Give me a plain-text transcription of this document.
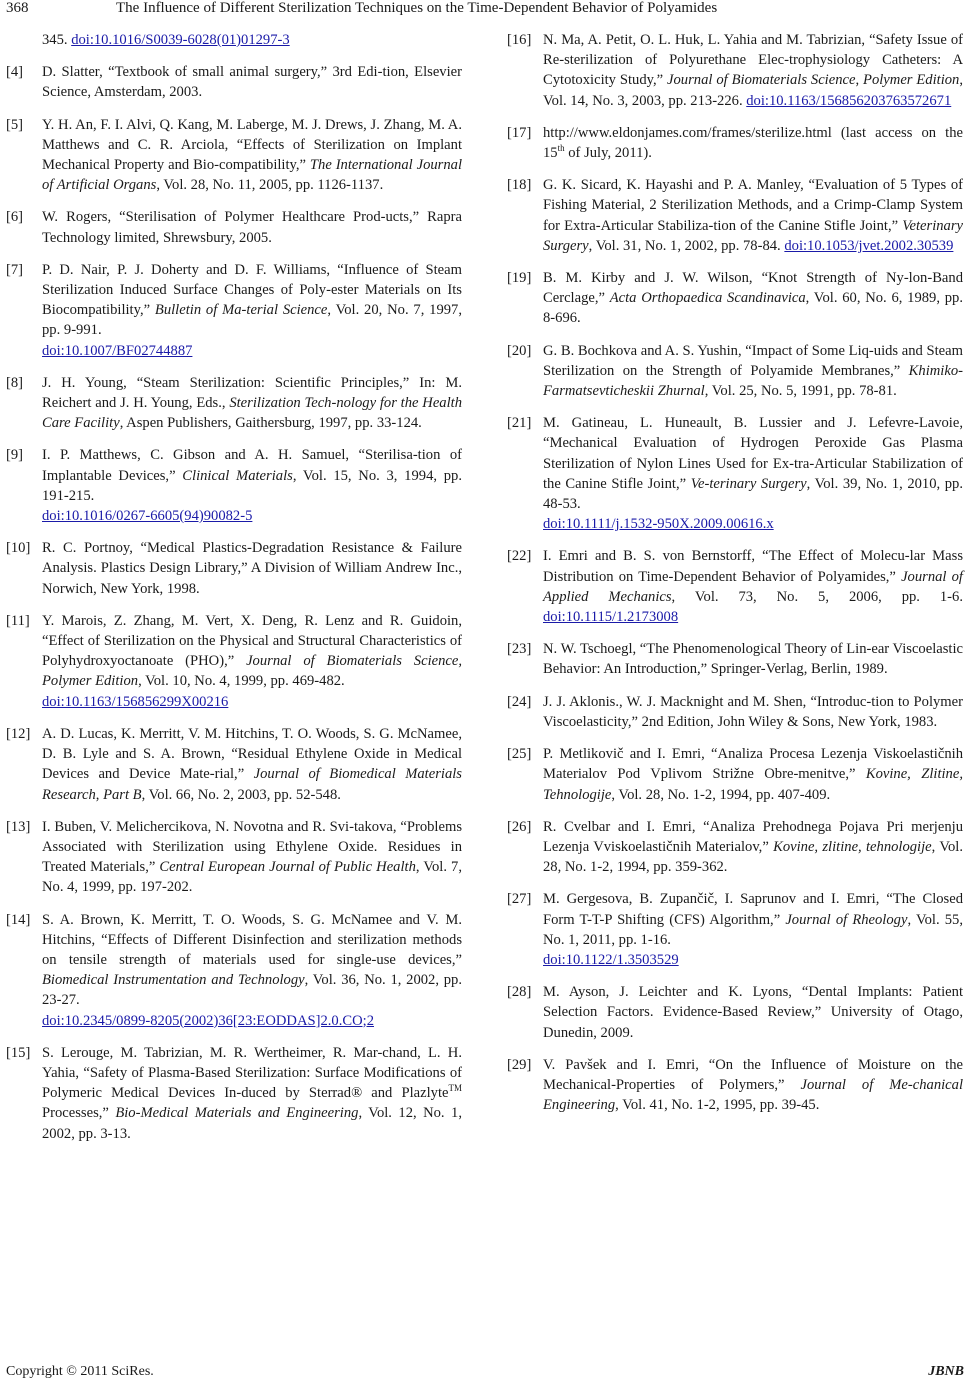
368	The Influence of Different Sterilization Techniques on the Time-Dependent Behavior of Polyamides
345. doi:10.1016/S0039-6028(01)01297-3
[4] D. Slatter, “Textbook of small animal surgery,” 3rd Edi-tion, Elsevier Science, Amsterdam, 2003.
[5] Y. H. An, F. I. Alvi, Q. Kang, M. Laberge, M. J. Drews, J. Zhang, M. A. Matthews and C. R. Arciola, “Effects of Sterilization on Implant Mechanical Property and Bio-compatibility,” The International Journal of Artificial Organs, Vol. 28, No. 11, 2005, pp. 1126-1137.
[6] W. Rogers, “Sterilisation of Polymer Healthcare Prod-ucts,” Rapra Technology limited, Shrewsbury, 2005.
[7] P. D. Nair, P. J. Doherty and D. F. Williams, “Influence of Steam Sterilization Induced Surface Changes of Poly-ester Materials on Its Biocompatibility,” Bulletin of Ma-terial Science, Vol. 20, No. 7, 1997, pp. 9-991.
doi:10.1007/BF02744887
[8] J. H. Young, “Steam Sterilization: Scientific Principles,” In: M. Reichert and J. H. Young, Eds., Sterilization Tech-nology for the Health Care Facility, Aspen Publishers, Gaithersburg, 1997, pp. 33-124.
[9] I. P. Matthews, C. Gibson and A. H. Samuel, “Sterilisa-tion of Implantable Devices,” Clinical Materials, Vol. 15, No. 3, 1994, pp. 191-215.
doi:10.1016/0267-6605(94)90082-5
[10] R. C. Portnoy, “Medical Plastics-Degradation Resistance & Failure Analysis. Plastics Design Library,” A Division of William Andrew Inc., Norwich, New York, 1998.
[11] Y. Marois, Z. Zhang, M. Vert, X. Deng, R. Lenz and R. Guidoin, “Effect of Sterilization on the Physical and Structural Characteristics of Polyhydroxyoctanoate (PHO),” Journal of Biomaterials Science, Polymer Edition, Vol. 10, No. 4, 1999, pp. 469-482.
doi:10.1163/156856299X00216
[12] A. D. Lucas, K. Merritt, V. M. Hitchins, T. O. Woods, S. G. McNamee, D. B. Lyle and S. A. Brown, “Residual Ethylene Oxide in Medical Devices and Device Mate-rial,” Journal of Biomedical Materials Research, Part B, Vol. 66, No. 2, 2003, pp. 52-548.
[13] I. Buben, V. Melichercikova, N. Novotna and R. Svi-takova, “Problems Associated with Sterilization using Ethylene Oxide. Residues in Treated Materials,” Central European Journal of Public Health, Vol. 7, No. 4, 1999, pp. 197-202.
[14] S. A. Brown, K. Merritt, T. O. Woods, S. G. McNamee and V. M. Hitchins, “Effects of Different Disinfection and sterilization methods on tensile strength of materials used for single-use devices,” Biomedical Instrumentation and Technology, Vol. 36, No. 1, 2002, pp. 23-27.
doi:10.2345/0899-8205(2002)36[23:EODDAS]2.0.CO;2
[15] S. Lerouge, M. Tabrizian, M. R. Wertheimer, R. Mar-chand, L. H. Yahia, “Safety of Plasma-Based Sterilization: Surface Modifications of Polymeric Medical Devices In-duced by Sterrad® and Plazlyte™ Processes,” Bio-Medical Materials and Engineering, Vol. 12, No. 1, 2002, pp. 3-13.
[16] N. Ma, A. Petit, O. L. Huk, L. Yahia and M. Tabrizian, “Safety Issue of Re-sterilization of Polyurethane Elec-trophysiology Catheters: A Cytotoxicity Study,” Journal of Biomaterials Science, Polymer Edition, Vol. 14, No. 3, 2003, pp. 213-226. doi:10.1163/156856203763572671
[17] http://www.eldonjames.com/frames/sterilize.html (last access on the 15th of July, 2011).
[18] G. K. Sicard, K. Hayashi and P. A. Manley, “Evaluation of 5 Types of Fishing Material, 2 Sterilization Methods, and a Crimp-Clamp System for Extra-Articular Stabiliza-tion of the Canine Stifle Joint,” Veterinary Surgery, Vol. 31, No. 1, 2002, pp. 78-84. doi:10.1053/jvet.2002.30539
[19] B. M. Kirby and J. W. Wilson, “Knot Strength of Ny-lon-Band Cerclage,” Acta Orthopaedica Scandinavica, Vol. 60, No. 6, 1989, pp. 8-696.
[20] G. B. Bochkova and A. S. Yushin, “Impact of Some Liq-uids and Steam Sterilization on the Strength of Polyamide Membranes,” Khimiko-Farmatsevticheskii Zhurnal, Vol. 25, No. 5, 1991, pp. 78-81.
[21] M. Gatineau, L. Huneault, B. Lussier and J. Lefevre-Lavoie, “Mechanical Evaluation of Hydrogen Peroxide Gas Plasma Sterilization of Nylon Lines Used for Ex-tra-Articular Stabilization of the Canine Stifle Joint,” Ve-terinary Surgery, Vol. 39, No. 1, 2010, pp. 48-53.
doi:10.1111/j.1532-950X.2009.00616.x
[22] I. Emri and B. S. von Bernstorff, “The Effect of Molecu-lar Mass Distribution on Time-Dependent Behavior of Polyamides,” Journal of Applied Mechanics, Vol. 73, No. 5, 2006, pp. 1-6. doi:10.1115/1.2173008
[23] N. W. Tschoegl, “The Phenomenological Theory of Lin-ear Viscoelastic Behavior: An Introduction,” Springer-Verlag, Berlin, 1989.
[24] J. J. Aklonis., W. J. Macknight and M. Shen, “Introduc-tion to Polymer Viscoelasticity,” 2nd Edition, John Wiley & Sons, New York, 1983.
[25] P. Metlikovič and I. Emri, “Analiza Procesa Lezenja Viskoelastičnih Materialov Pod Vplivom Strižne Obre-menitve,” Kovine, Zlitine, Tehnologije, Vol. 28, No. 1-2, 1994, pp. 407-409.
[26] R. Cvelbar and I. Emri, “Analiza Prehodnega Pojava Pri merjenju Lezenja Vviskoelastičnih Materialov,” Kovine, zlitine, tehnologije, Vol. 28, No. 1-2, 1994, pp. 359-362.
[27] M. Gergesova, B. Zupančič, I. Saprunov and I. Emri, “The Closed Form T-T-P Shifting (CFS) Algorithm,” Journal of Rheology, Vol. 55, No. 1, 2011, pp. 1-16.
doi:10.1122/1.3503529
[28] M. Ayson, J. Leichter and K. Lyons, “Dental Implants: Patient Selection Factors. Evidence-Based Review,” University of Otago, Dunedin, 2009.
[29] V. Pavšek and I. Emri, “On the Influence of Moisture on the Mechanical-Properties of Polymers,” Journal of Me-chanical Engineering, Vol. 41, No. 1-2, 1995, pp. 39-45.
Copyright © 2011 SciRes.	JBNB
